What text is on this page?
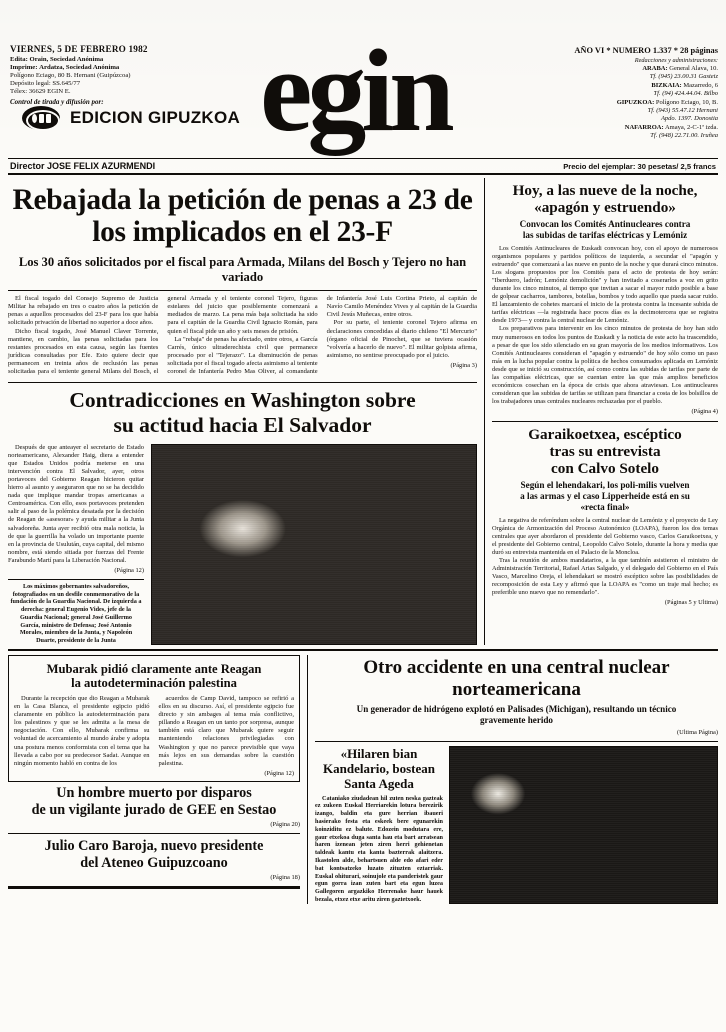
VIERNES, 5 DE FEBRERO 1982
Edita: Orain, Sociedad Anónima
Imprime: Ardatza, Sociedad Anónima
Polígono Eciago, 80 B. Hernani (Guipúzcoa)
Depósito legal: SS.645/77
Télex: 36629 EGIN E.
Control de tirada y difusión por:
EDICION GIPUZKOA egin	AÑO VI * NUMERO 1.337 * 28 páginas
Redacciones y administraciones:
ARABA: General Alava, 10.
Tf. (945) 23.00.31 Gasteiz
BIZKAIA: Mazarredo, 6
Tf. (94) 424.44.04. Bilbo
GIPUZKOA: Polígono Eciago, 10, B.
Tf. (943) 55.47.12 Hernani
Apdo. 1397. Donostia
NAFARROA: Amaya, 2-C-1ª izda.
Tf. (948) 22.71.00. Iruñea
Director JOSE FELIX AZURMENDI	Precio del ejemplar: 30 pesetas/ 2,5 francs
Rebajada la petición de penas a 23 de los implicados en el 23-F
Los 30 años solicitados por el fiscal para Armada, Milans del Bosch y Tejero no han variado

El fiscal togado del Consejo Supremo de Justicia Militar ha rebajado en tres o cuatro años la petición de penas a aquellos procesados del 23-F para los que había solicitado privación de libertad no superior a doce años.

Dicho fiscal togado, José Manuel Claver Torrente, mantiene, en cambio, las penas solicitadas para los restantes procesados en esta causa, según las fuentes jurídicas consultadas por Efe. Esto quiere decir que permanecen en treinta años de reclusión las penas solicitadas para el teniente general Milans del Bosch, el general Armada y el teniente coronel Tejero, figuras estelares del juicio que posiblemente comenzará a mediados de marzo. La pena más baja solicitada ha sido para el capitán de la Guardia Civil Ignacio Román, para quien el fiscal pide un año y seis meses de prisión.

La "rebaja" de penas ha afectado, entre otros, a García Carrés, único ultraderechista civil que permanece procesado por el "Tejerazo". La disminución de penas solicitada por el fiscal togado afecta asimismo al teniente coronel de Infantería Pedro Mas Oliver, al comandante de Infantería José Luis Cortina Prieto, al capitán de Navío Camilo Menéndez Vives y al capitán de la Guardia Civil Jesús Muñecas, entre otros.

Por su parte, el teniente coronel Tejero afirma en declaraciones concedidas al diario chileno "El Mercurio" (órgano oficial de Pinochet, que se tuviera ocasión "volvería a hacerlo de nuevo". El militar golpista afirma, asimismo, no sentirse preocupado por el juicio.

(Página 3)
Contradicciones en Washington sobre
su actitud hacia El Salvador

Después de que anteayer el secretario de Estado norteamericano, Alexander Haig, diera a entender que Estados Unidos podría meterse en una intervención contra El Salvador, ayer, otros portavoces del Gobierno Reagan hicieron quitar hierro al asunto y aseguraron que no se ha decidido nada que implique mandar tropas americanas a Centroamérica. Con ello, esos portavoces pretenden salir al paso de la polémica desatada por la decisión de Reagan de «asesorar» y ayuda militar a la Junta salvadoreña. Junta ayer recibió otra mala noticia, la de que la guerrilla ha volado un importante puente en la provincia de Usulután, cuya capital, del mismo nombre, está siendo sitiada por fuerzas del Frente Farabundo Martí para la Liberación Nacional.

(Página 12)
Los máximos gobernantes salvadoreños, fotografiados en un desfile conmemorativo de la fundación de la Guardia Nacional. De izquierda a derecha: general Eugenio Vides, jefe de la Guardia Nacional; general José Guillermo García, ministro de Defensa; José Antonio Morales, miembro de la Junta, y Napoleón Duarte, presidente de la Junta
Hoy, a las nueve de la noche,
«apagón y estruendo»
Convocan los Comités Antinucleares contra
las subidas de tarifas eléctricas y Lemóniz

Los Comités Antinucleares de Euskadi convocan hoy, con el apoyo de numerosos organismos populares y partidos políticos de izquierda, a secundar el "apagón y estruendo" que comenzará a las nueve en punto de la noche y que durará cinco minutos. Los slogans propuestos por los Comités para el acto de protesta de hoy serán: "Iberduero, ladrón; Lemóniz demolición" y han invitado a coserarlos a voz en grito durante los cinco minutos, al tiempo que invitan a sacar el mayor ruido posible a base de golpear cacharros, tambores, botellas, bombos y todo aquello que pueda sacar ruido. El lanzamiento de cohetes marcará el inicio de la protesta contra la incesante subida de tarifas eléctricas —la registrada hace pocos días es la decimotercera que se registra desde 1973— y contra la central nuclear de Lemóniz.

Los preparativos para intervenir en los cinco minutos de protesta de hoy han sido muy numerosos en todos los puntos de Euskadi y la noticia de este acto ha trascendido, a pesar de que los sido silenciado en su gran mayoría de los medios informativos. Los Comités Antinucleares consideran el "apagón y estruendo" de hoy sólo como un paso más en la lucha popular contra la política de hechos consumados aplicada en Lemóniz desde que se inició su construcción, así como contra las subidas de tarifas por parte de las compañías eléctricas, que se cuentan entre las que más amplios beneficios económicos cosechan en la época de crisis que ahora atraviesan. Los antinucleares consideran que las subidas de tarifas se utilizan para financiar a costa de los bolsillos de los trabajadores unas centrales nucleares rechazadas por el pueblo.

(Página 4)
Garaikoetxea, escéptico
tras su entrevista
con Calvo Sotelo
Según el lehendakari, los poli-milis vuelven
a las armas y el caso Lipperheide está en su
«recta final»

La negativa de referéndum sobre la central nuclear de Lemóniz y el proyecto de Ley Orgánica de Armonización del Proceso Autonómico (LOAPA), fueron los dos temas centrales que ayer abordaron el presidente del Gobierno vasco, Carlos Garaikoetxea, y el presidente del Gobierno central, Leopoldo Calvo Sotelo, durante la hora y media que duró su entrevista mantenida en el Palacio de la Moncloa.

Tras la reunión de ambos mandatarios, a la que también asistieron el ministro de Administración Territorial, Rafael Arias Salgado, y el delegado del Gobierno en el País Vasco, Marcelino Oreja, el lehendakari se mostró escéptico sobre las posibilidades de recomposición de esta Ley y afirmó que la LOAPA es "como un traje mal hecho; es preferible uno nuevo que no remendarlo".

(Páginas 5 y Ultima)
Mubarak pidió claramente ante Reagan
la autodeterminación palestina

Durante la recepción que dio Reagan a Mubarak en la Casa Blanca, el presidente egipcio pidió claramente en público la autodeterminación para los palestinos y que se les admita a la mesa de negociación. Con ello, Mubarak confirma su voluntad de acercamiento al mundo árabe y adopta una postura menos conformista con el tema que ha llevada a cabo por su predecesor Sadat. Aunque en ningún momento habló en contra de los

acuerdos de Camp David, tampoco se refirió a ellos en su discurso. Así, el presidente egipcio fue directo y sin ambages al tema más conflictivo, pillando a Reagan en un tanto por sorpresa, aunque también está claro que Mubarak quiere seguir manteniendo relaciones privilegiadas con Washington y que no parece previsible que vaya más lejos en sus demandas sobre la cuestión palestina.

(Página 12)
Un hombre muerto por disparos
de un vigilante jurado de GEE en Sestao
(Página 20)
Julio Caro Baroja, nuevo presidente
del Ateneo Guipuzcoano
(Página 18)
Otro accidente en una central nuclear
norteamericana
Un generador de hidrógeno explotó en Palisades (Michigan), resultando un técnico
gravemente herido
(Ultima Página)
«Hilaren bian
Kandelario, bostean
Santa Ageda

Cataniako ziudadean hil zuten neska gazteak ez zukeen Euskal Herriarekin lotura berezirik izango, baldin eta gure herrian ibaueri hasierako festa eta eskeek bere egunarekin koinziditu ez balute. Edozein modutara ere, gaur etxekoa duga santa hau eta bart arratsean haren izenean jeten ziren herri gehienetan taldeak kantu eta kanta bazterrak alaitzera. Ikastolen alde, behartsuen alde edo afari eder bat kontsatzeko luzato zituzten eztarriak. Euskal ohiturari, soinujole eta panderistek gaur egun gorra izan zuten bart eta egun luzea Gallegoren argazkiko Herrenako haur hauek bezala, etxez etxe aritu ziren gaztetxoek.
